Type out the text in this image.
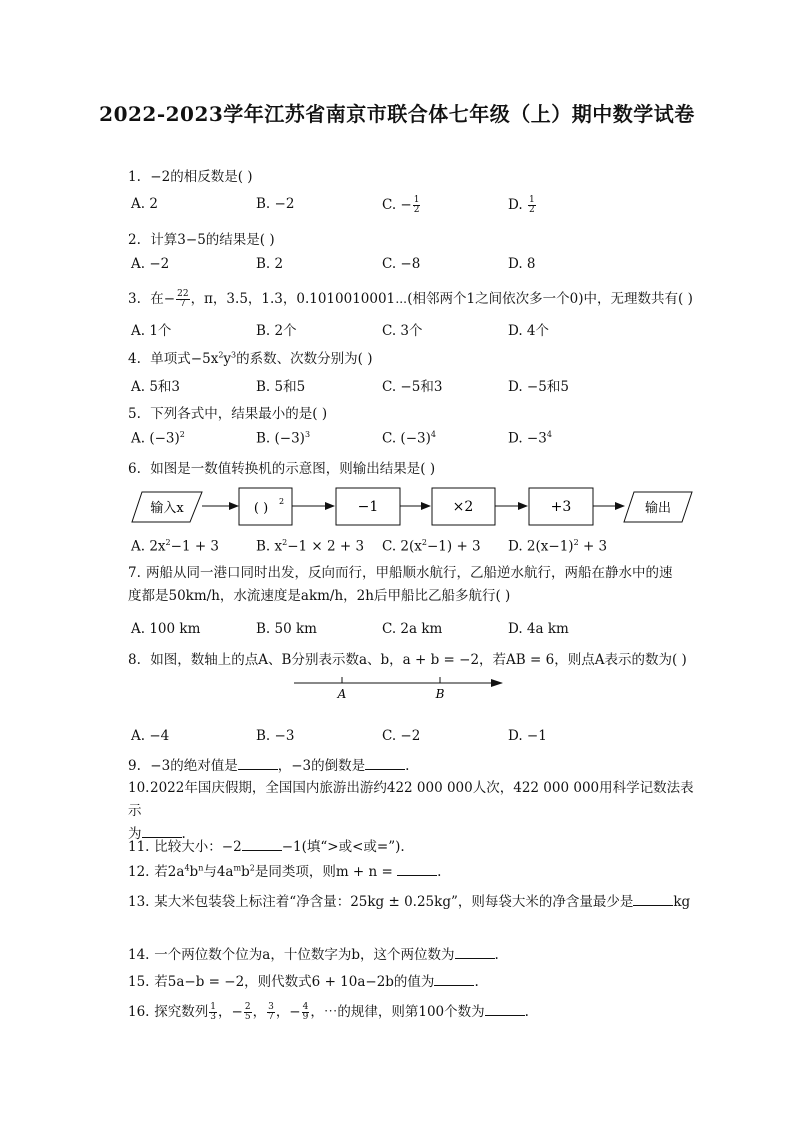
2022-2023学年江苏省南京市联合体七年级（上）期中数学试卷
1. −2的相反数是( )
A. 2	B. −2	C. − $\frac{1}{2}$	D. $\frac{1}{2}$
2. 计算3−5的结果是( )
A. −2	B. 2	C. −8	D. 8
3. 在− $\frac{22}{7}$ ，π，3.5，1.3，0.1010010001⋯(相邻两个1之间依次多一个0)中，无理数共有( )
A. 1个	B. 2个	C. 3个	D. 4个
4. 单项式$-5x^2y^3$的系数、次数分别为( )
A. 5和3	B. 5和5	C. −5和3	D. −5和5
5. 下列各式中，结果最小的是( )
A. $(-3)^2$	B. $(-3)^3$	C. $(-3)^4$	D. $-3^4$
6. 如图是一数值转换机的示意图，则输出结果是( )
输入x	( ) 2	−1	×2	+3	输出
A. $2x^2-1 + 3$	B. $x^2-1 \times 2 + 3$ C. $2(x^2-1) + 3$ D. $2(x-1)^2 + 3$
7. 两船从同一港口同时出发，反向而行，甲船顺水航行，乙船逆水航行，两船在静水中的速
度都是50km/h，水流速度是akm/h，2h后甲船比乙船多航行( )
A. 100 km	B. 50 km	C. 2a km	D. 4a km
8. 如图，数轴上的点A、B分别表示数a、b，a + b = −2，若AB = 6，则点A表示的数为( )
A	B
A. −4	B. −3	C. −2	D. −1
9. −3的绝对值是	，−3的倒数是	.
10.2022年国庆假期，全国国内旅游出游约422 000 000人次，422 000 000用科学记数法表示
为	.
11. 比较大小：−2	−1(填“>或<或=”).
12. 若$2a^4b^n$与$4a^mb^2$是同类项，则m + n =	.
13. 某大米包装袋上标注着“净含量：25kg ± 0.25kg”，则每袋大米的净含量最少是	kg
14. 一个两位数个位为a，十位数字为b，这个两位数为	.
15. 若5a−b = −2，则代数式6 + 10a−2b的值为	.
16. 探究数列 $\frac{1}{3}$ ，− $\frac{2}{5}$ ， $\frac{3}{7}$ ，− $\frac{4}{9}$ ，⋯的规律，则第100个数为	.
